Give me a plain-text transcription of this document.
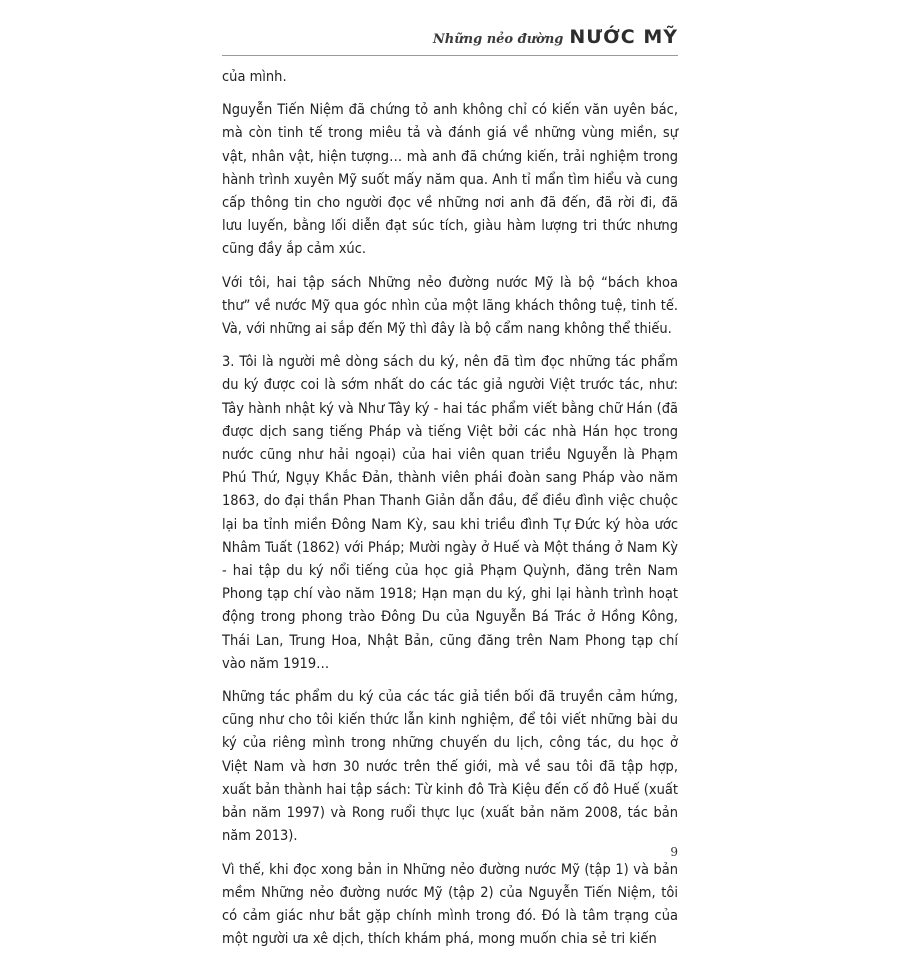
Những nẻo đường NƯỚC MỸ

của mình.

Nguyễn Tiến Niệm đã chứng tỏ anh không chỉ có kiến văn uyên bác, mà còn tinh tế trong miêu tả và đánh giá về những vùng miền, sự vật, nhân vật, hiện tượng… mà anh đã chứng kiến, trải nghiệm trong hành trình xuyên Mỹ suốt mấy năm qua. Anh tỉ mẩn tìm hiểu và cung cấp thông tin cho người đọc về những nơi anh đã đến, đã rời đi, đã lưu luyến, bằng lối diễn đạt súc tích, giàu hàm lượng tri thức nhưng cũng đầy ắp cảm xúc.

Với tôi, hai tập sách Những nẻo đường nước Mỹ là bộ “bách khoa thư” về nước Mỹ qua góc nhìn của một lãng khách thông tuệ, tinh tế. Và, với những ai sắp đến Mỹ thì đây là bộ cẩm nang không thể thiếu.

3. Tôi là người mê dòng sách du ký, nên đã tìm đọc những tác phẩm du ký được coi là sớm nhất do các tác giả người Việt trước tác, như: Tây hành nhật ký và Như Tây ký - hai tác phẩm viết bằng chữ Hán (đã được dịch sang tiếng Pháp và tiếng Việt bởi các nhà Hán học trong nước cũng như hải ngoại) của hai viên quan triều Nguyễn là Phạm Phú Thứ, Ngụy Khắc Đản, thành viên phái đoàn sang Pháp vào năm 1863, do đại thần Phan Thanh Giản dẫn đầu, để điều đình việc chuộc lại ba tỉnh miền Đông Nam Kỳ, sau khi triều đình Tự Đức ký hòa ước Nhâm Tuất (1862) với Pháp; Mười ngày ở Huế và Một tháng ở Nam Kỳ - hai tập du ký nổi tiếng của học giả Phạm Quỳnh, đăng trên Nam Phong tạp chí vào năm 1918; Hạn mạn du ký, ghi lại hành trình hoạt động trong phong trào Đông Du của Nguyễn Bá Trác ở Hồng Kông, Thái Lan, Trung Hoa, Nhật Bản, cũng đăng trên Nam Phong tạp chí vào năm 1919…

Những tác phẩm du ký của các tác giả tiền bối đã truyền cảm hứng, cũng như cho tôi kiến thức lẫn kinh nghiệm, để tôi viết những bài du ký của riêng mình trong những chuyến du lịch, công tác, du học ở Việt Nam và hơn 30 nước trên thế giới, mà về sau tôi đã tập hợp, xuất bản thành hai tập sách: Từ kinh đô Trà Kiệu đến cố đô Huế (xuất bản năm 1997) và Rong ruổi thực lục (xuất bản năm 2008, tác bản năm 2013).

Vì thế, khi đọc xong bản in Những nẻo đường nước Mỹ (tập 1) và bản mềm Những nẻo đường nước Mỹ (tập 2) của Nguyễn Tiến Niệm, tôi có cảm giác như bắt gặp chính mình trong đó. Đó là tâm trạng của một người ưa xê dịch, thích khám phá, mong muốn chia sẻ tri kiến

9
